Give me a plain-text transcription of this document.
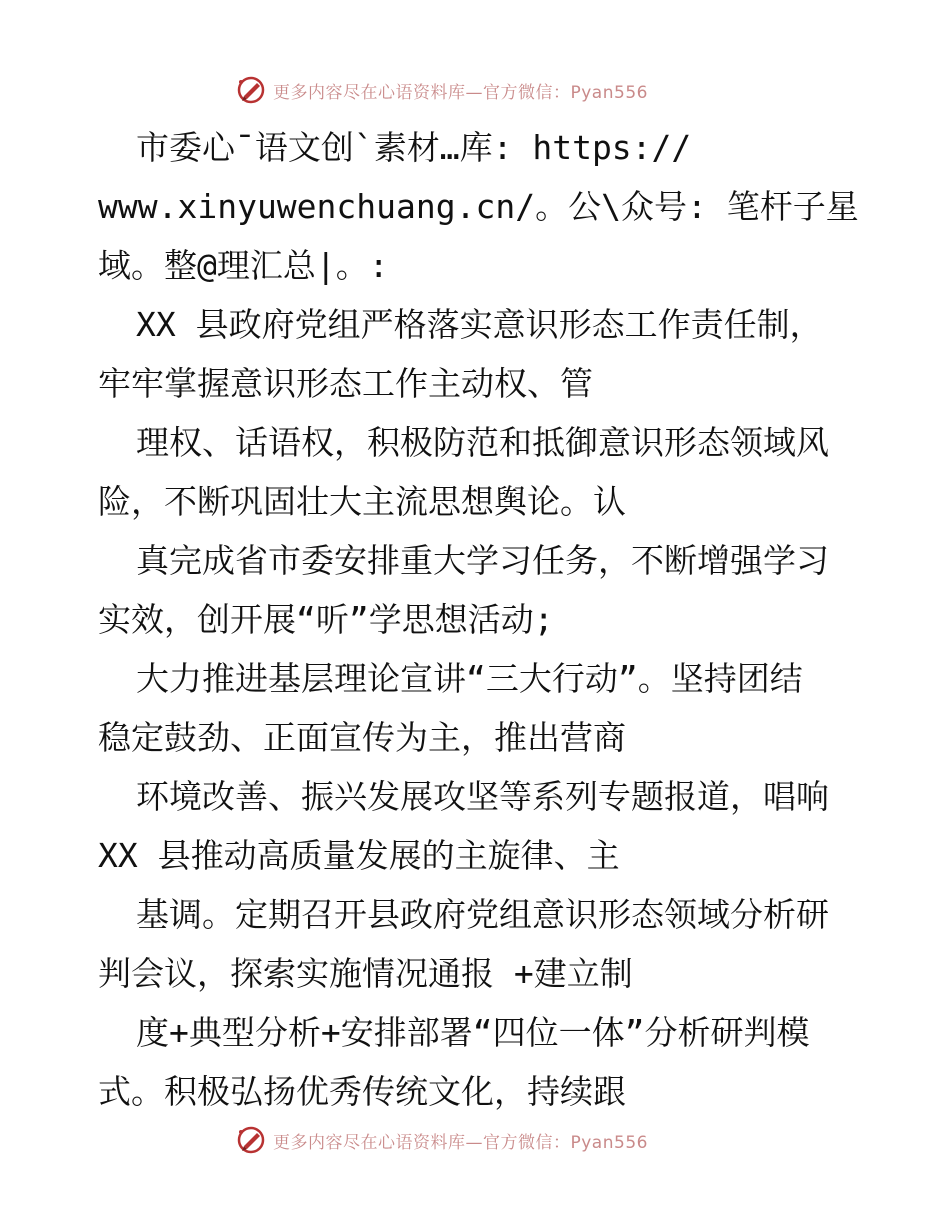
更多内容尽在心语资料库—官方微信：Pyan556
市委心¯语文创`素材…库: https://
www.xinyuwenchuang.cn/。公\众号: 笔杆子星
域。整@理汇总|。:
XX 县政府党组严格落实意识形态工作责任制，
牢牢掌握意识形态工作主动权、管
理权、话语权，积极防范和抵御意识形态领域风
险，不断巩固壮大主流思想舆论。认
真完成省市委安排重大学习任务，不断增强学习
实效，创开展“听”学思想活动;
大力推进基层理论宣讲“三大行动”。坚持团结
稳定鼓劲、正面宣传为主，推出营商
环境改善、振兴发展攻坚等系列专题报道，唱响
XX 县推动高质量发展的主旋律、主
基调。定期召开县政府党组意识形态领域分析研
判会议，探索实施情况通报 +建立制
度+典型分析+安排部署“四位一体”分析研判模
式。积极弘扬优秀传统文化，持续跟
更多内容尽在心语资料库—官方微信：Pyan556
